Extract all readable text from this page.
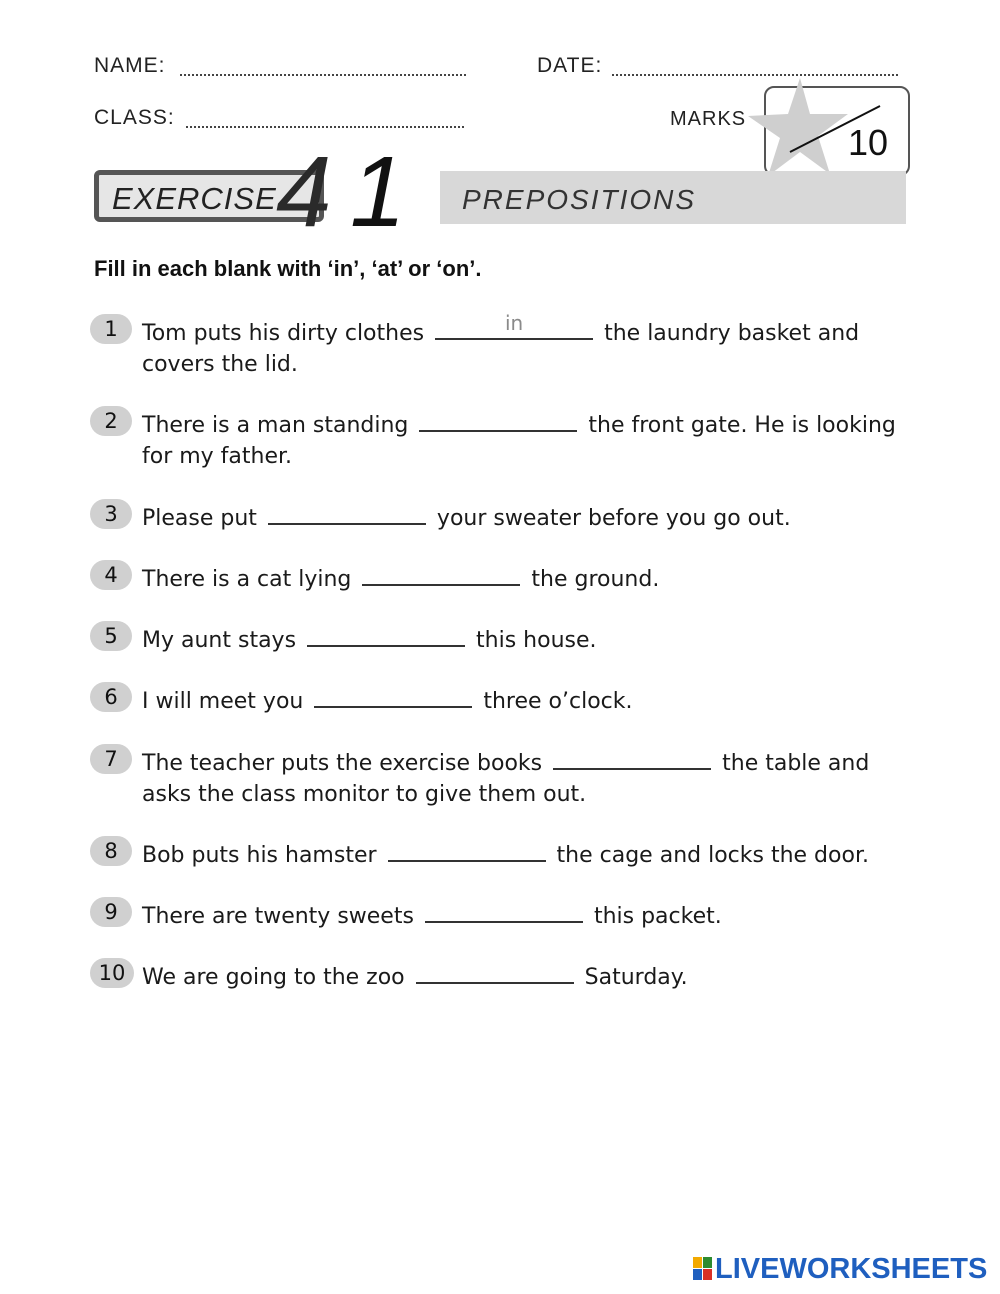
NAME:	DATE:
CLASS:	MARKS
10
EXERCISE 4 1 PREPOSITIONS
Fill in each blank with ‘in’, ‘at’ or ‘on’.
1	Tom puts his dirty clothes	in	the laundry basket and covers the lid.
2	There is a man standing	the front gate. He is looking for my father.
3	Please put	your sweater before you go out.
4	There is a cat lying	the ground.
5	My aunt stays	this house.
6	I will meet you	three o’clock.
7	The teacher puts the exercise books	the table and asks the class monitor to give them out.
8	Bob puts his hamster	the cage and locks the door.
9	There are twenty sweets	this packet.
10 We are going to the zoo	Saturday.
LIVEWORKSHEETS
